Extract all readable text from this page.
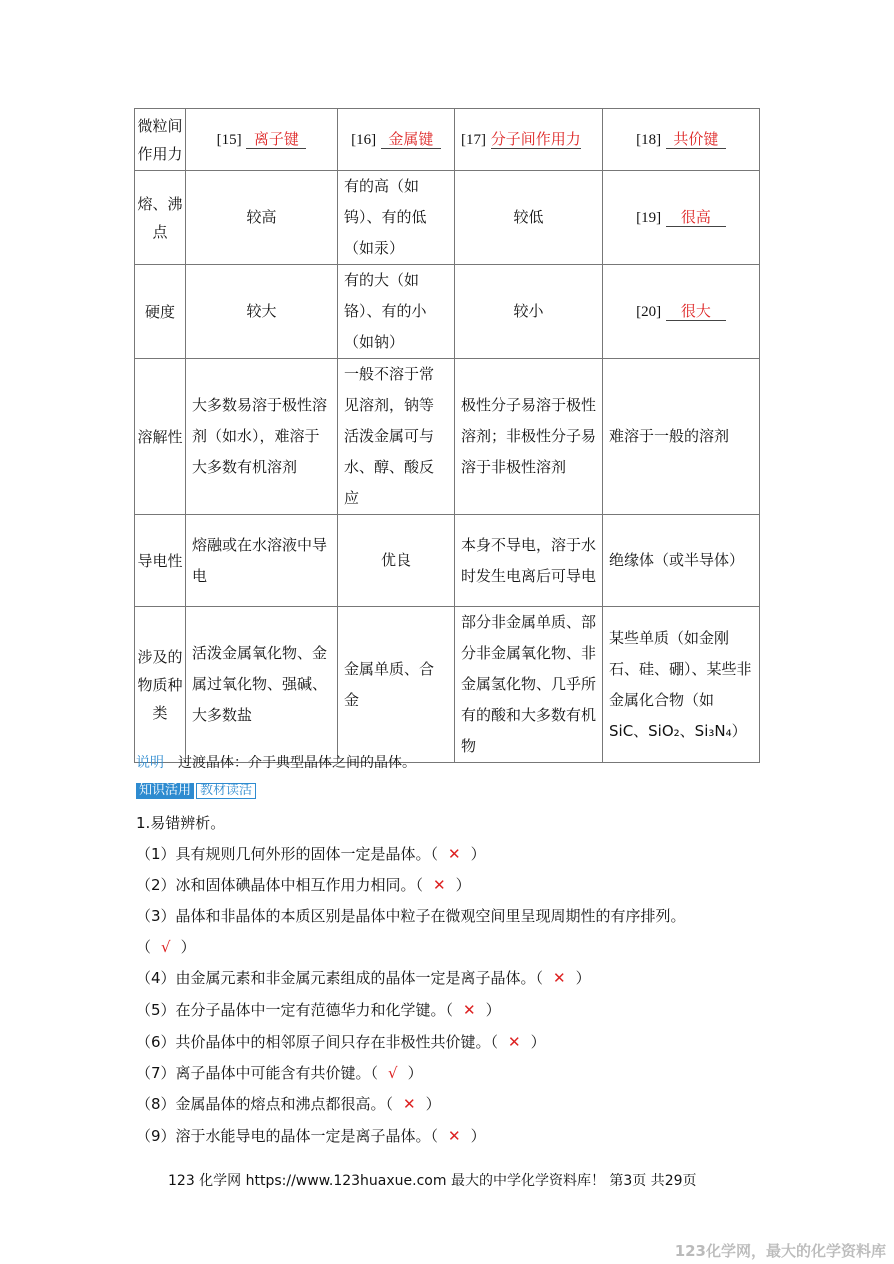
微粒间作用力	[15] 离子键	[16] 金属键	[17] 分子间作用力	[18] 共价键
熔、沸点	较高	有的高（如钨）、有的低（如汞）	较低	[19] 很高
硬度	较大	有的大（如铬）、有的小（如钠）	较小	[20] 很大
溶解性	大多数易溶于极性溶剂（如水），难溶于大多数有机溶剂	一般不溶于常见溶剂，钠等活泼金属可与水、醇、酸反应	极性分子易溶于极性溶剂；非极性分子易溶于非极性溶剂	难溶于一般的溶剂
导电性	熔融或在水溶液中导电	优良	本身不导电，溶于水时发生电离后可导电	绝缘体（或半导体）
涉及的物质种类	活泼金属氧化物、金属过氧化物、强碱、大多数盐	金属单质、合金	部分非金属单质、部分非金属氧化物、非金属氢化物、几乎所有的酸和大多数有机物	某些单质（如金刚石、硅、硼）、某些非金属化合物（如SiC、SiO₂、Si₃N₄）
说明 过渡晶体：介于典型晶体之间的晶体。
知识活用 教材读活
1.易错辨析。
（1）具有规则几何外形的固体一定是晶体。（ ✕ ）
（2）冰和固体碘晶体中相互作用力相同。（ ✕ ）
（3）晶体和非晶体的本质区别是晶体中粒子在微观空间里呈现周期性的有序排列。
（ √ ）
（4）由金属元素和非金属元素组成的晶体一定是离子晶体。（ ✕ ）
（5）在分子晶体中一定有范德华力和化学键。（ ✕ ）
（6）共价晶体中的相邻原子间只存在非极性共价键。（ ✕ ）
（7）离子晶体中可能含有共价键。（ √ ）
（8）金属晶体的熔点和沸点都很高。（ ✕ ）
（9）溶于水能导电的晶体一定是离子晶体。（ ✕ ）
123 化学网 https://www.123huaxue.com 最大的中学化学资料库！ 第3页 共29页
123化学网，最大的化学资料库
